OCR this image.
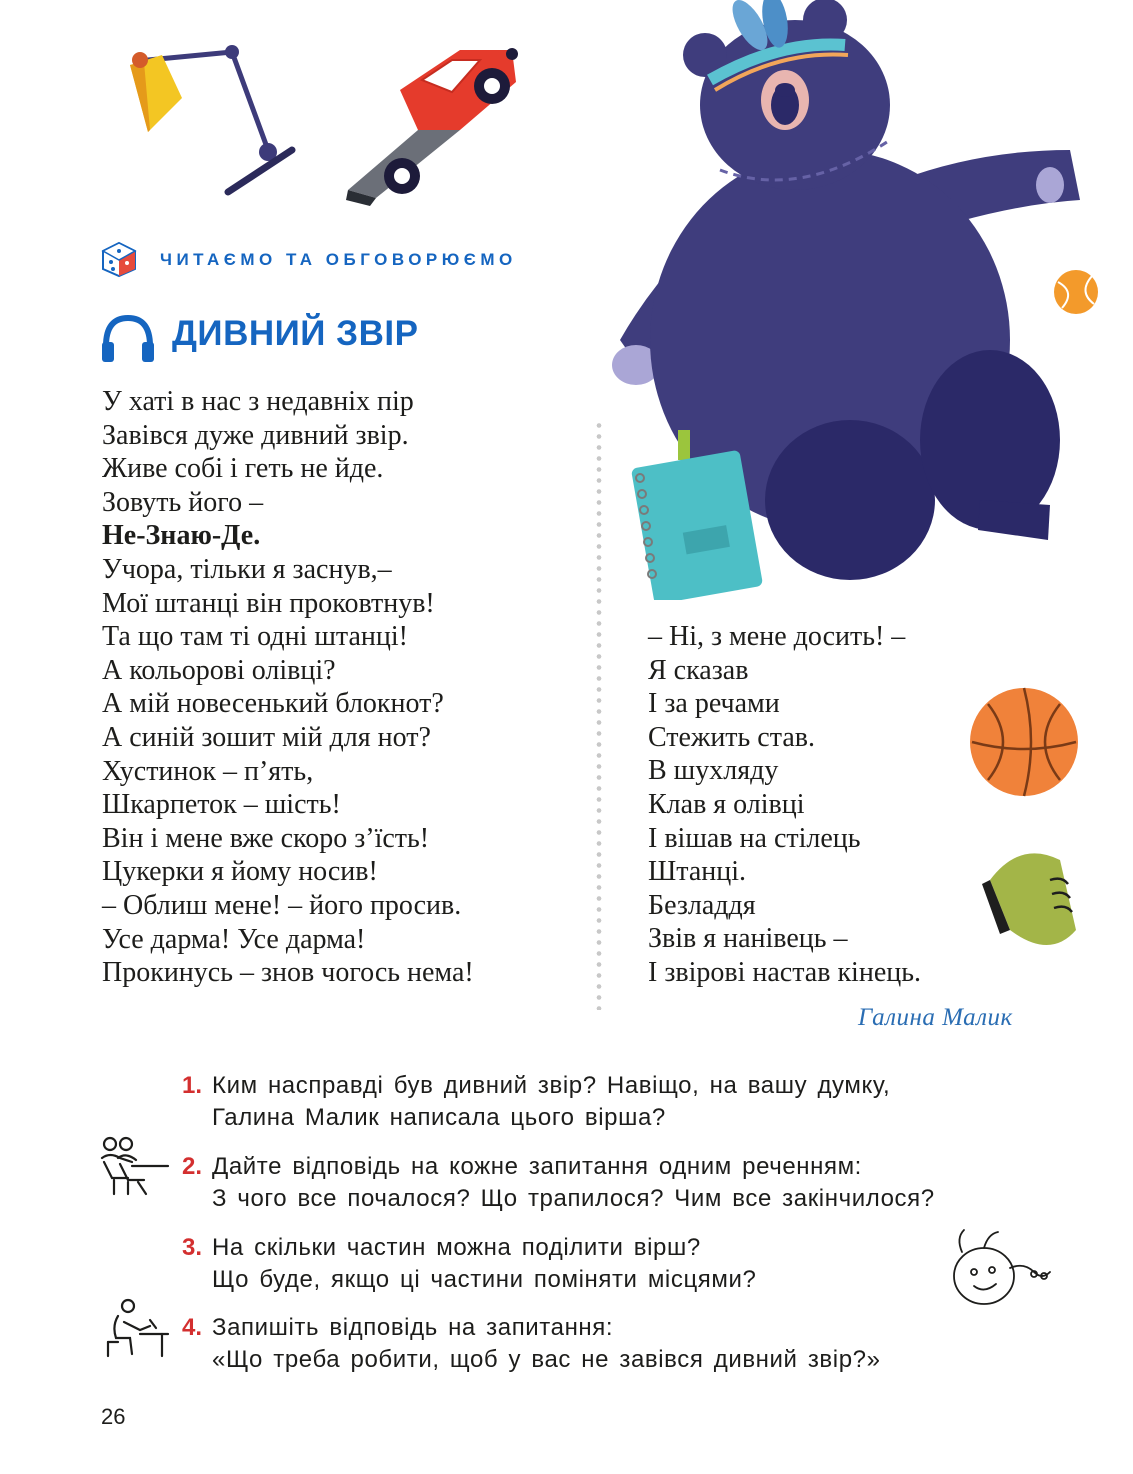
ЧИТАЄМО ТА ОБГОВОРЮЄМО
ДИВНИЙ ЗВІР
У хаті в нас з недавніх пір
Завівся дуже дивний звір.
Живе собі і геть не йде.
Зовуть його –
Не-Знаю-Де.
Учора, тільки я заснув,–
Мої штанці він проковтнув!
Та що там ті одні штанці!
А кольорові олівці?
А мій новесенький блокнот?
А синій зошит мій для нот?
Хустинок – п’ять,
Шкарпеток – шість!
Він і мене вже скоро з’їсть!
Цукерки я йому носив!
– Облиш мене! – його просив.
Усе дарма! Усе дарма!
Прокинусь – знов чогось нема!
– Ні, з мене досить! –
Я сказав
І за речами
Стежить став.
В шухляду
Клав я олівці
І вішав на стілець
Штанці.
Безладдя
Звів я нанівець –
І звірові настав кінець.
Галина Малик
1. Ким насправді був дивний звір? Навіщо, на вашу думку,
Галина Малик написала цього вірша?
2. Дайте відповідь на кожне запитання одним реченням:
З чого все почалося? Що трапилося? Чим все закінчилося?
3. На скільки частин можна поділити вірш?
Що буде, якщо ці частини поміняти місцями?
4. Запишіть відповідь на запитання:
«Що треба робити, щоб у вас не завівся дивний звір?»
26
